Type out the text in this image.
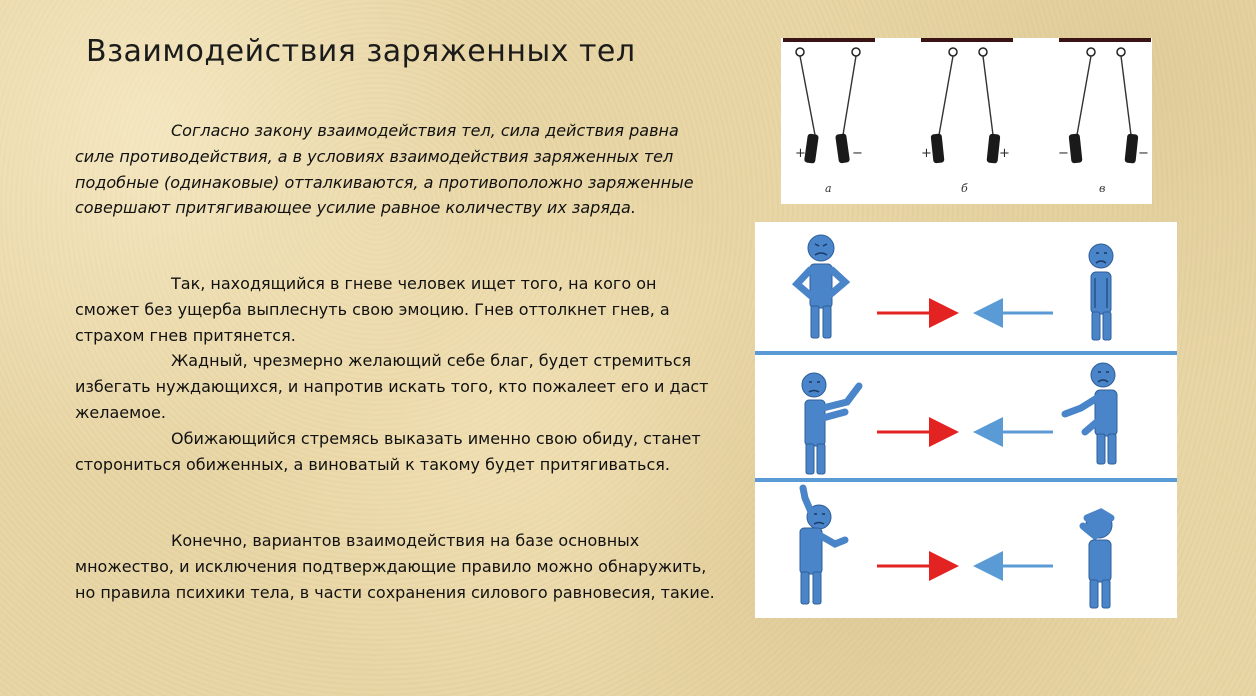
Взаимодействия заряженных тел

Согласно закону взаимодействия тел, сила действия равна силе противодействия, а в условиях взаимодействия заряженных тел подобные (одинаковые) отталкиваются, а противоположно заряженные совершают притягивающее усилие равное количеству их заряда.

Так, находящийся в гневе человек ищет того, на кого он сможет без ущерба выплеснуть свою эмоцию. Гнев оттолкнет гнев, а страхом гнев притянется.

Жадный, чрезмерно желающий себе благ, будет стремиться избегать нуждающихся, и напротив искать того, кто пожалеет его и даст желаемое.

Обижающийся стремясь выказать именно свою обиду, станет сторониться обиженных, а виноватый к такому будет притягиваться.

Конечно, вариантов взаимодействия на базе основных множество, и исключения подтверждающие правило можно обнаружить, но правила психики тела, в части сохранения силового равновесия, такие.

+	−
а
+	+
б
−	−
в
